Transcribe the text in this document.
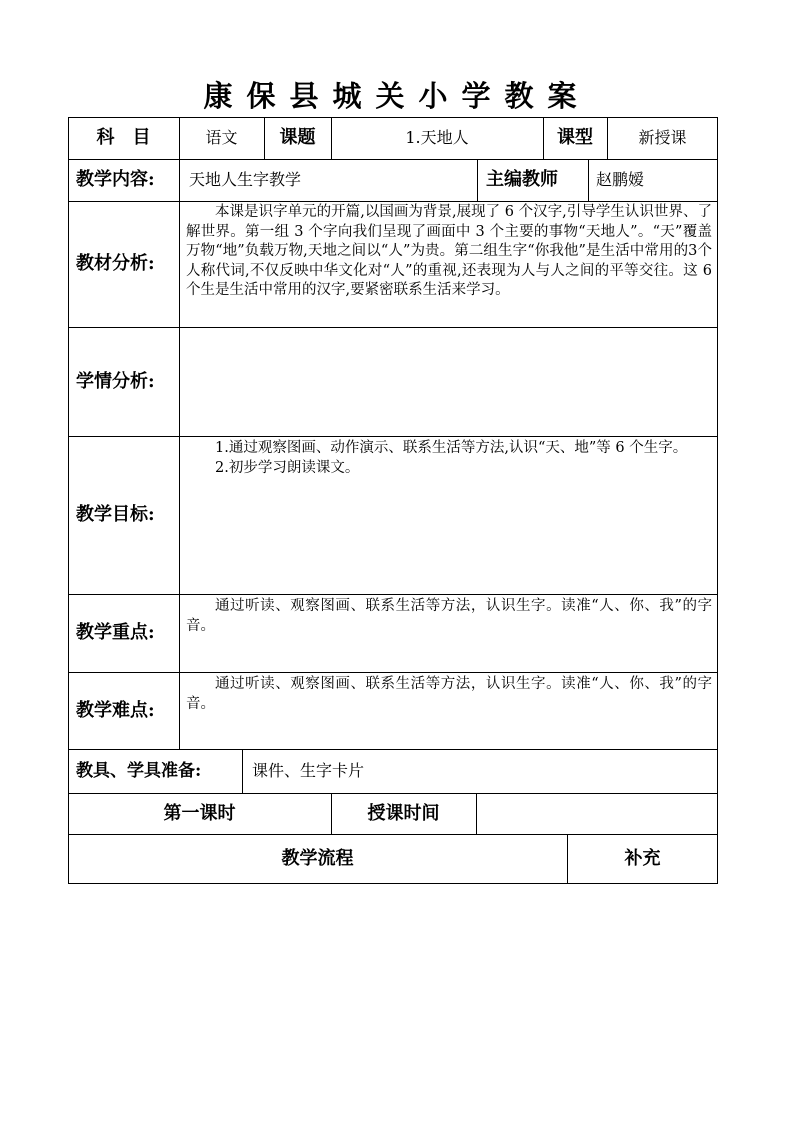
康保县城关小学教案
科　目	语文	课题	1.天地人	课型	新授课
教学内容:	天地人生字教学	主编教师	赵鹏嫒
教材分析:

本课是识字单元的开篇,以国画为背景,展现了 6 个汉字,引导学生认识世界、了解世界。第一组 3 个字向我们呈现了画面中 3 个主要的事物“天地人”。“天”覆盖万物“地”负载万物,天地之间以“人”为贵。第二组生字“你我他”是生活中常用的3个人称代词,不仅反映中华文化对“人”的重视,还表现为人与人之间的平等交往。这 6 个生是生活中常用的汉字,要紧密联系生活来学习。

学情分析:
教学目标:

1.通过观察图画、动作演示、联系生活等方法,认识“天、地”等 6 个生字。

2.初步学习朗读课文。

教学重点:

通过听读、观察图画、联系生活等方法，认识生字。读准“人、你、我”的字音。

教学难点:

通过听读、观察图画、联系生活等方法，认识生字。读准“人、你、我”的字音。

教具、学具准备:	课件、生字卡片
第一课时	授课时间
教学流程	补充
